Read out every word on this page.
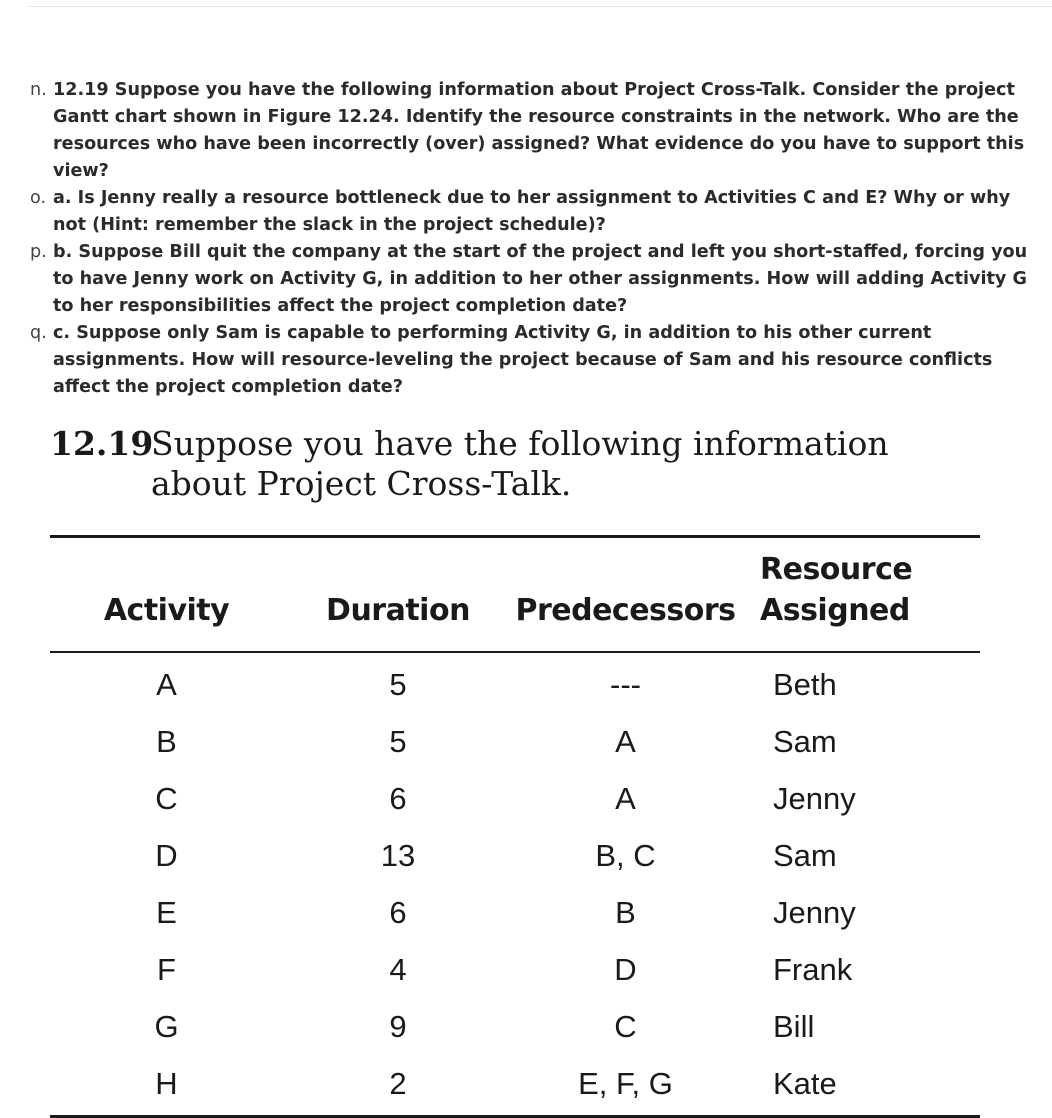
n. 12.19 Suppose you have the following information about Project Cross-Talk. Consider the project Gantt chart shown in Figure 12.24. Identify the resource constraints in the network. Who are the resources who have been incorrectly (over) assigned? What evidence do you have to support this view?
o. a. Is Jenny really a resource bottleneck due to her assignment to Activities C and E? Why or why not (Hint: remember the slack in the project schedule)?
p. b. Suppose Bill quit the company at the start of the project and left you short-staffed, forcing you to have Jenny work on Activity G, in addition to her other assignments. How will adding Activity G to her responsibilities affect the project completion date?
q. c. Suppose only Sam is capable to performing Activity G, in addition to his other current assignments. How will resource-leveling the project because of Sam and his resource conflicts affect the project completion date?
12.19
Suppose you have the following information about Project Cross-Talk.
Activity	Duration	Predecessors	Resource
Assigned
A	5	---	Beth
B	5	A	Sam
C	6	A	Jenny
D	13	B, C	Sam
E	6	B	Jenny
F	4	D	Frank
G	9	C	Bill
H	2	E, F, G	Kate
